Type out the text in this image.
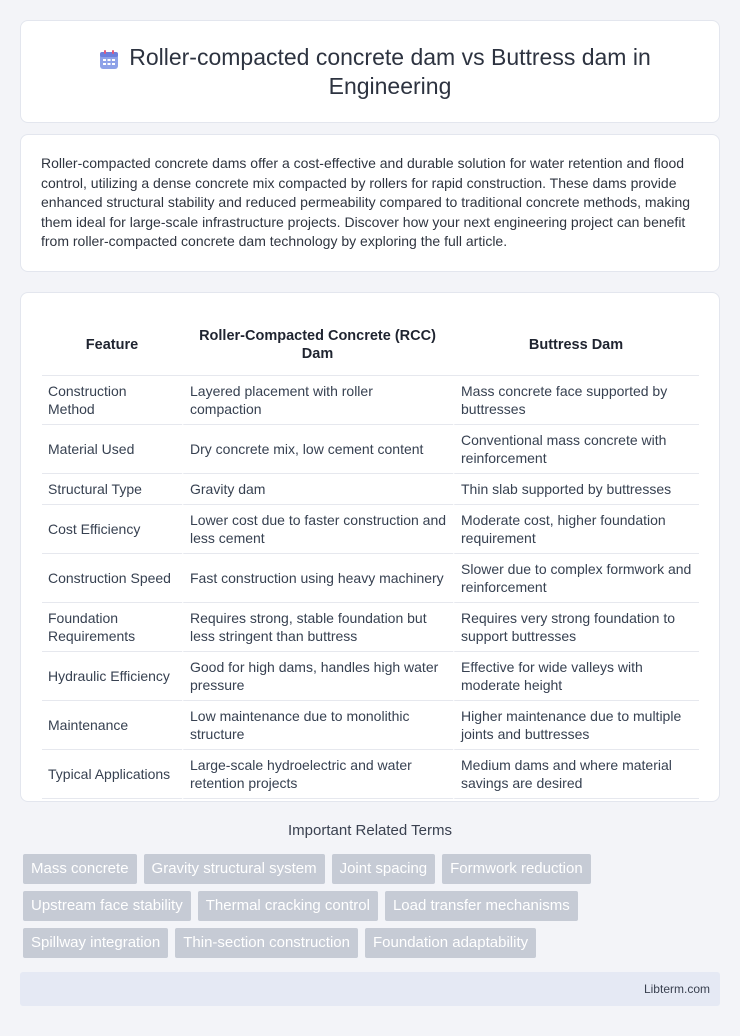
Roller-compacted concrete dam vs Buttress dam in Engineering

Roller-compacted concrete dams offer a cost-effective and durable solution for water retention and flood control, utilizing a dense concrete mix compacted by rollers for rapid construction. These dams provide enhanced structural stability and reduced permeability compared to traditional concrete methods, making them ideal for large-scale infrastructure projects. Discover how your next engineering project can benefit from roller-compacted concrete dam technology by exploring the full article.

Feature	Roller-Compacted Concrete (RCC) Dam	Buttress Dam
Construction Method	Layered placement with roller compaction	Mass concrete face supported by buttresses
Material Used	Dry concrete mix, low cement content	Conventional mass concrete with reinforcement
Structural Type	Gravity dam	Thin slab supported by buttresses
Cost Efficiency	Lower cost due to faster construction and less cement	Moderate cost, higher foundation requirement
Construction Speed	Fast construction using heavy machinery	Slower due to complex formwork and reinforcement
Foundation Requirements	Requires strong, stable foundation but less stringent than buttress	Requires very strong foundation to support buttresses
Hydraulic Efficiency	Good for high dams, handles high water pressure	Effective for wide valleys with moderate height
Maintenance	Low maintenance due to monolithic structure	Higher maintenance due to multiple joints and buttresses
Typical Applications	Large-scale hydroelectric and water retention projects	Medium dams and where material savings are desired
Important Related Terms
Mass concrete	Gravity structural system	Joint spacing	Formwork reduction
Upstream face stability	Thermal cracking control	Load transfer mechanisms
Spillway integration	Thin-section construction	Foundation adaptability
Libterm.com
